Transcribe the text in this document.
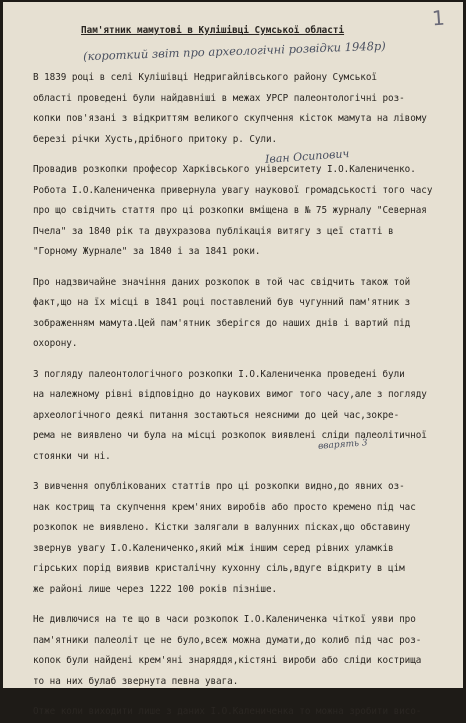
1
Пам'ятник мамутові в Кулішівці Сумської області
(короткий звіт про археологічні розвідки 1948р)
Іван Осипович
вварять 3
В 1839 році в селі Кулішівці Недригайлівського району Сумської
області проведені були найдавніші в межах УРСР палеонтологічні роз-
копки пов'язані з відкриттям великого скупчення кісток мамута на лівому
березі річки Хусть,дрібного притоку р. Сули.
Провадив розкопки професор Харківського університету І.О.Калениченко.
Робота І.О.Калениченка привернула увагу наукової громадськості того часу
про що свідчить стаття про ці розкопки вміщена в № 75 журналу "Северная
Пчела" за 1840 рік та двухразова публікація витягу з цеї статті в
"Горному Журнале" за 1840 і за 1841 роки.
Про надзвичайне значіння даних розкопок в той час свідчить також той
факт,що на їх місці в 1841 році поставлений був чугунний пам'ятник з
зображенням мамута.Цей пам'ятник зберігся до наших днів і вартий під
охорону.
З погляду палеонтологічного розкопки І.О.Калениченка проведені були
на належному рівні відповідно до наукових вимог того часу,але з погляду
археологічного деякі питання зостаються неясними до цей час,зокре-
рема не виявлено чи була на місці розкопок виявлені сліди палеолітичної
стоянки чи ні.
З вивчення опублікованих статтів про ці розкопки видно,до явних оз-
нак кострищ та скупчення крем'яних виробів або просто кремено під час
розкопок не виявлено. Кістки залягали в валунних пісках,що обставину
звернув увагу І.О.Калениченко,який між іншим серед рівних уламків
гірських порід виявив кристалічну кухонну сіль,вдуге відкриту в цім
же районі лише через 1222 100 років пізніше.
Не дивлючися на те що в часи розкопок І.О.Калениченка чіткої уяви про
пам'ятники палеоліт це не було,всеж можна думати,до колиб під час роз-
копок були найдені крем'яні знаряддя,кістяні вироби або сліди кострища
то на них булаб звернута певна увага.
Отже коли виходити лише з даних І.О.Калениченка то можна зробити висо-
